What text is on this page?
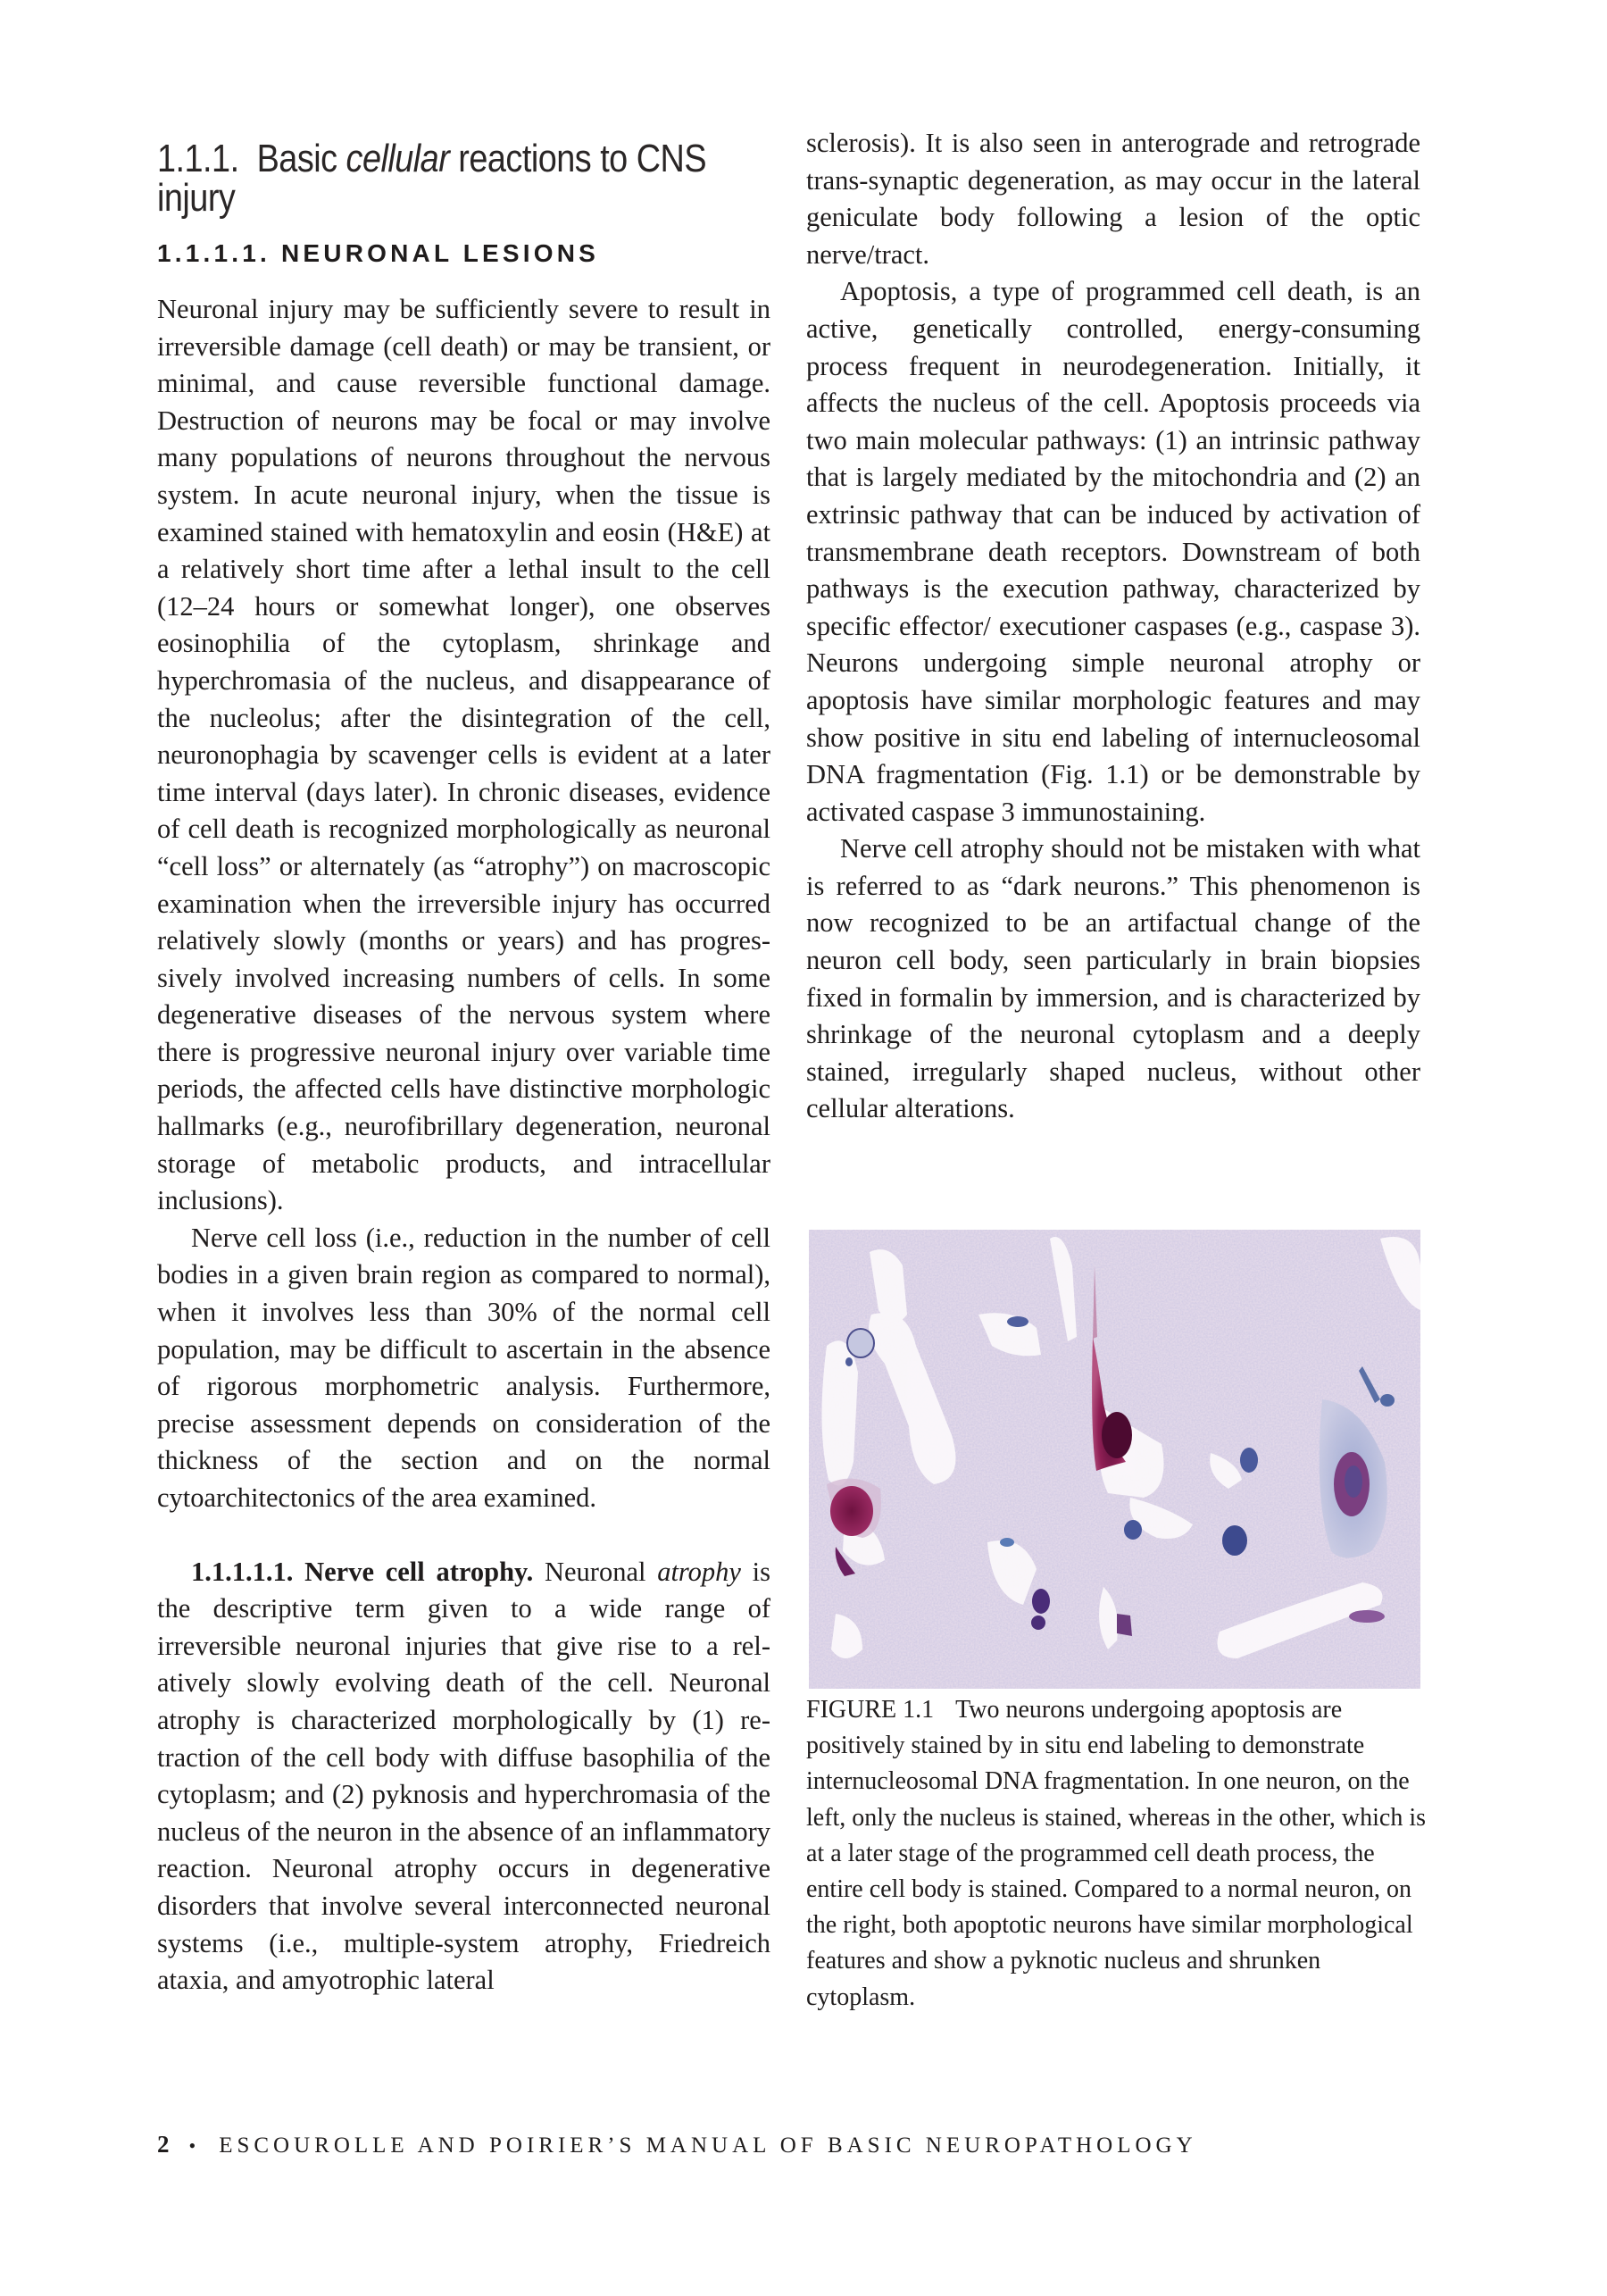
1.1.1. Basic cellular reactions to CNS injury
1.1.1.1. NEURONAL LESIONS

Neuronal injury may be sufficiently severe to result in irreversible damage (cell death) or may be transient, or minimal, and cause reversible functional damage. Destruction of neurons may be focal or may involve many populations of neurons throughout the nervous system. In acute neuronal injury, when the tissue is examined stained with hematoxylin and eosin (H&E) at a relatively short time after a lethal insult to the cell (12–24 hours or somewhat longer), one observes eosinophilia of the cytoplasm, shrinkage and hyperchromasia of the nucleus, and disappearance of the nucleolus; after the disintegration of the cell, neuronophagia by scavenger cells is evident at a later time interval (days later). In chronic diseases, evidence of cell death is recognized morphologically as neuronal “cell loss” or alternately (as “atrophy”) on macroscopic examination when the irreversible injury has occurred relatively slowly (months or years) and has progressively involved increasing numbers of cells. In some degenerative diseases of the nervous system where there is progressive neuronal injury over variable time periods, the affected cells have distinctive morphologic hallmarks (e.g., neurofibrillary degeneration, neuronal storage of metabolic products, and intracellular inclusions).

Nerve cell loss (i.e., reduction in the number of cell bodies in a given brain region as compared to normal), when it involves less than 30% of the normal cell population, may be difficult to ascertain in the absence of rigorous morphometric analysis. Furthermore, precise assessment depends on consideration of the thickness of the section and on the normal cytoarchitectonics of the area examined.

1.1.1.1.1. Nerve cell atrophy. Neuronal atrophy is the descriptive term given to a wide range of irreversible neuronal injuries that give rise to a relatively slowly evolving death of the cell. Neuronal atrophy is characterized morphologically by (1) retraction of the cell body with diffuse basophilia of the cytoplasm; and (2) pyknosis and hyperchromasia of the nucleus of the neuron in the absence of an inflammatory reaction. Neuronal atrophy occurs in degenerative disorders that involve several interconnected neuronal systems (i.e., multiple-system atrophy, Friedreich ataxia, and amyotrophic lateral

sclerosis). It is also seen in anterograde and retrograde trans-synaptic degeneration, as may occur in the lateral geniculate body following a lesion of the optic nerve/tract.

Apoptosis, a type of programmed cell death, is an active, genetically controlled, energy-consuming process frequent in neurodegeneration. Initially, it affects the nucleus of the cell. Apoptosis proceeds via two main molecular pathways: (1) an intrinsic pathway that is largely mediated by the mitochondria and (2) an extrinsic pathway that can be induced by activation of transmembrane death receptors. Downstream of both pathways is the execution pathway, characterized by specific effector/ executioner caspases (e.g., caspase 3). Neurons undergoing simple neuronal atrophy or apoptosis have similar morphologic features and may show positive in situ end labeling of internucleosomal DNA fragmentation (Fig. 1.1) or be demonstrable by activated caspase 3 immunostaining.

Nerve cell atrophy should not be mistaken with what is referred to as “dark neurons.” This phenomenon is now recognized to be an artifactual change of the neuron cell body, seen particularly in brain biopsies fixed in formalin by immersion, and is characterized by shrinkage of the neuronal cytoplasm and a deeply stained, irregularly shaped nucleus, without other cellular alterations.

FIGURE 1.1 Two neurons undergoing apoptosis are positively stained by in situ end labeling to demonstrate internucleosomal DNA fragmentation. In one neuron, on the left, only the nucleus is stained, whereas in the other, which is at a later stage of the programmed cell death process, the entire cell body is stained. Compared to a normal neuron, on the right, both apoptotic neurons have similar morphological features and show a pyknotic nucleus and shrunken cytoplasm.
2 • ESCOUROLLE AND POIRIER’S MANUAL OF BASIC NEUROPATHOLOGY
